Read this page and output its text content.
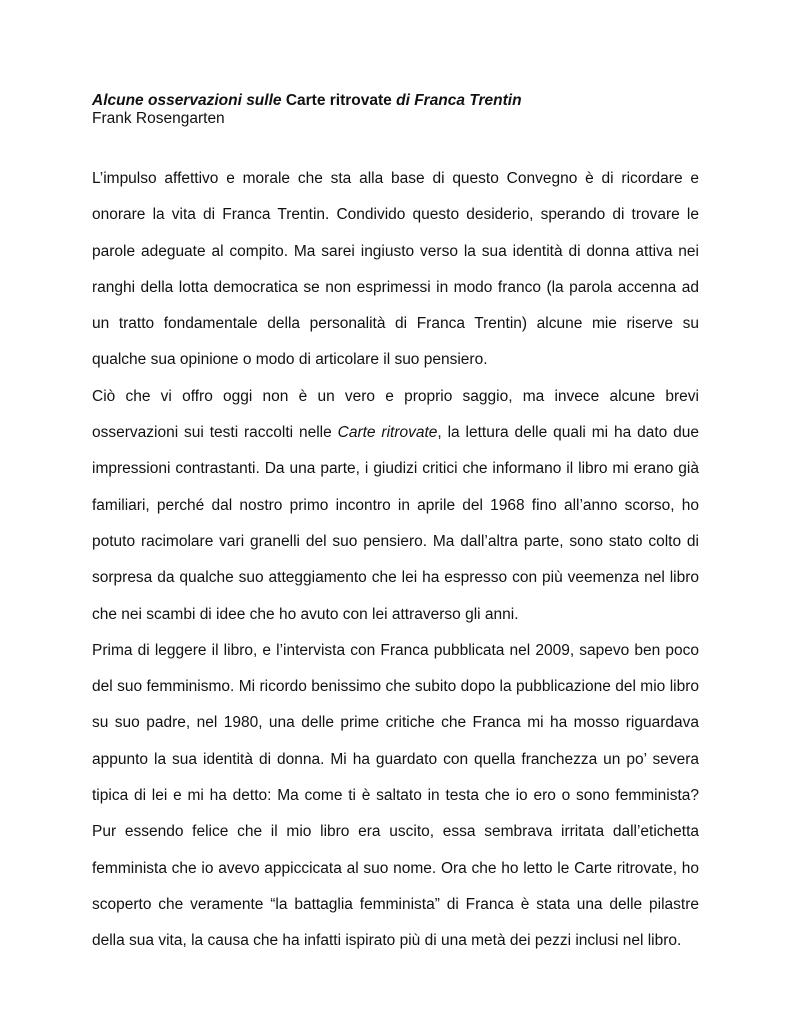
Alcune osservazioni sulle Carte ritrovate di Franca Trentin
Frank Rosengarten

L’impulso affettivo e morale che sta alla base di questo Convegno è di ricordare e onorare la vita di Franca Trentin. Condivido questo desiderio, sperando di trovare le parole adeguate al compito. Ma sarei ingiusto verso la sua identità di donna attiva nei ranghi della lotta democratica se non esprimessi in modo franco (la parola accenna ad un tratto fondamentale della personalità di Franca Trentin) alcune mie riserve su qualche sua opinione o modo di articolare il suo pensiero.

Ciò che vi offro oggi non è un vero e proprio saggio, ma invece alcune brevi osservazioni sui testi raccolti nelle Carte ritrovate, la lettura delle quali mi ha dato due impressioni contrastanti. Da una parte, i giudizi critici che informano il libro mi erano già familiari, perché dal nostro primo incontro in aprile del 1968 fino all’anno scorso, ho potuto racimolare vari granelli del suo pensiero. Ma dall’altra parte, sono stato colto di sorpresa da qualche suo atteggiamento che lei ha espresso con più veemenza nel libro che nei scambi di idee che ho avuto con lei attraverso gli anni.

Prima di leggere il libro, e l’intervista con Franca pubblicata nel 2009, sapevo ben poco del suo femminismo. Mi ricordo benissimo che subito dopo la pubblicazione del mio libro su suo padre, nel 1980, una delle prime critiche che Franca mi ha mosso riguardava appunto la sua identità di donna. Mi ha guardato con quella franchezza un po’ severa tipica di lei e mi ha detto: Ma come ti è saltato in testa che io ero o sono femminista? Pur essendo felice che il mio libro era uscito, essa sembrava irritata dall’etichetta femminista che io avevo appiccicata al suo nome. Ora che ho letto le Carte ritrovate, ho scoperto che veramente “la battaglia femminista” di Franca è stata una delle pilastre della sua vita, la causa che ha infatti ispirato più di una metà dei pezzi inclusi nel libro.
